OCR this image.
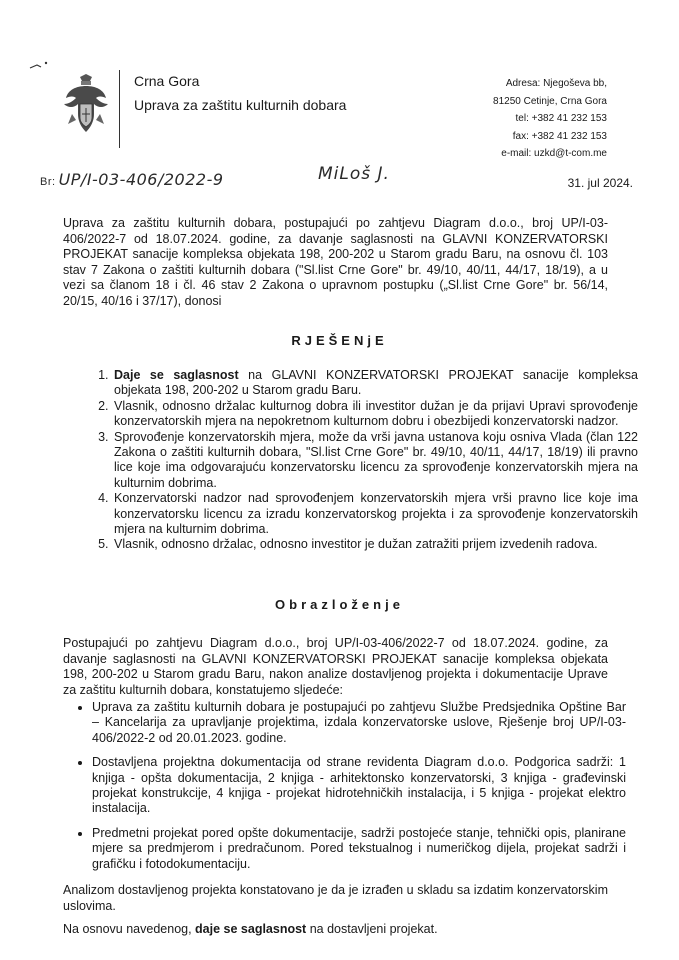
Crna Gora
Uprava za zaštitu kulturnih dobara
Adresa: Njegoševa bb,
81250 Cetinje, Crna Gora
tel: +382 41 232 153
fax: +382 41 232 153
e-mail: uzkd@t-com.me
Br: UP/I-03-406/2022-9	MiLoš J.	31. jul 2024.
Uprava za zaštitu kulturnih dobara, postupajući po zahtjevu Diagram d.o.o., broj UP/I-03-406/2022-7 od 18.07.2024. godine, za davanje saglasnosti na GLAVNI KONZERVATORSKI PROJEKAT sanacije kompleksa objekata 198, 200-202 u Starom gradu Baru, na osnovu čl. 103 stav 7 Zakona o zaštiti kulturnih dobara ("Sl.list Crne Gore" br. 49/10, 40/11, 44/17, 18/19), a u vezi sa članom 18 i čl. 46 stav 2 Zakona o upravnom postupku („Sl.list Crne Gore" br. 56/14, 20/15, 40/16 i 37/17), donosi
RJEŠENjE
1. Daje se saglasnost na GLAVNI KONZERVATORSKI PROJEKAT sanacije kompleksa objekata 198, 200-202 u Starom gradu Baru.
2. Vlasnik, odnosno držalac kulturnog dobra ili investitor dužan je da prijavi Upravi sprovođenje konzervatorskih mjera na nepokretnom kulturnom dobru i obezbijedi konzervatorski nadzor.
3. Sprovođenje konzervatorskih mjera, može da vrši javna ustanova koju osniva Vlada (član 122 Zakona o zaštiti kulturnih dobara, "Sl.list Crne Gore" br. 49/10, 40/11, 44/17, 18/19) ili pravno lice koje ima odgovarajuću konzervatorsku licencu za sprovođenje konzervatorskih mjera na kulturnim dobrima.
4. Konzervatorski nadzor nad sprovođenjem konzervatorskih mjera vrši pravno lice koje ima konzervatorsku licencu za izradu konzervatorskog projekta i za sprovođenje konzervatorskih mjera na kulturnim dobrima.
5. Vlasnik, odnosno držalac, odnosno investitor je dužan zatražiti prijem izvedenih radova.
Obrazloženje
Postupajući po zahtjevu Diagram d.o.o., broj UP/I-03-406/2022-7 od 18.07.2024. godine, za davanje saglasnosti na GLAVNI KONZERVATORSKI PROJEKAT sanacije kompleksa objekata 198, 200-202 u Starom gradu Baru, nakon analize dostavljenog projekta i dokumentacije Uprave za zaštitu kulturnih dobara, konstatujemo sljedeće:
• Uprava za zaštitu kulturnih dobara je postupajući po zahtjevu Službe Predsjednika Opštine Bar – Kancelarija za upravljanje projektima, izdala konzervatorske uslove, Rješenje broj UP/I-03-406/2022-2 od 20.01.2023. godine.
• Dostavljena projektna dokumentacija od strane revidenta Diagram d.o.o. Podgorica sadrži: 1 knjiga - opšta dokumentacija, 2 knjiga - arhitektonsko konzervatorski, 3 knjiga - građevinski projekat konstrukcije, 4 knjiga - projekat hidrotehničkih instalacija, i 5 knjiga - projekat elektro instalacija.
• Predmetni projekat pored opšte dokumentacije, sadrži postojeće stanje, tehnički opis, planirane mjere sa predmjerom i predračunom. Pored tekstualnog i numeričkog dijela, projekat sadrži i grafičku i fotodokumentaciju.
Analizom dostavljenog projekta konstatovano je da je izrađen u skladu sa izdatim konzervatorskim uslovima.
Na osnovu navedenog, daje se saglasnost na dostavljeni projekat.
